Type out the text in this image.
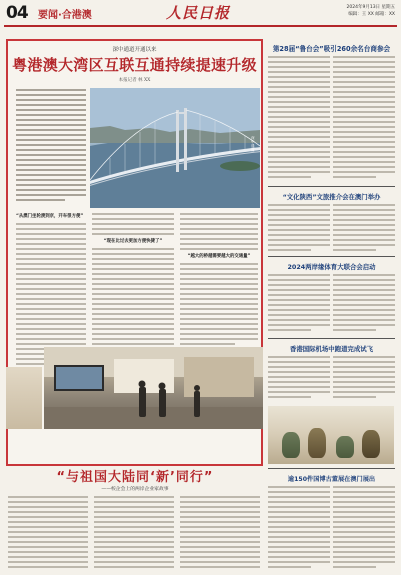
04 要闻·合港澳	人民日报	2024年9月13日 星期五
编辑：王 XX 邮箱：XX
深中通道开通以来
粤港澳大湾区互联互通持续提速升级
本报记者 林 XX
深中通道
“从澳门坐轮渡到京，开车很方便”
“现在比过去更加方便快捷了”
“越大的桥越需要越大的交通量”
“与祖国大陆同‘新’同行”
——校企会上的两岸企业家故事
第28届“鲁台会”吸引260余名台商参会
“文化陕西”文旅推介会在澳门举办
2024两岸缘体育大联合会启动
香港国际机场中跑道完成试飞
逾150件国博古董展在澳门展出
